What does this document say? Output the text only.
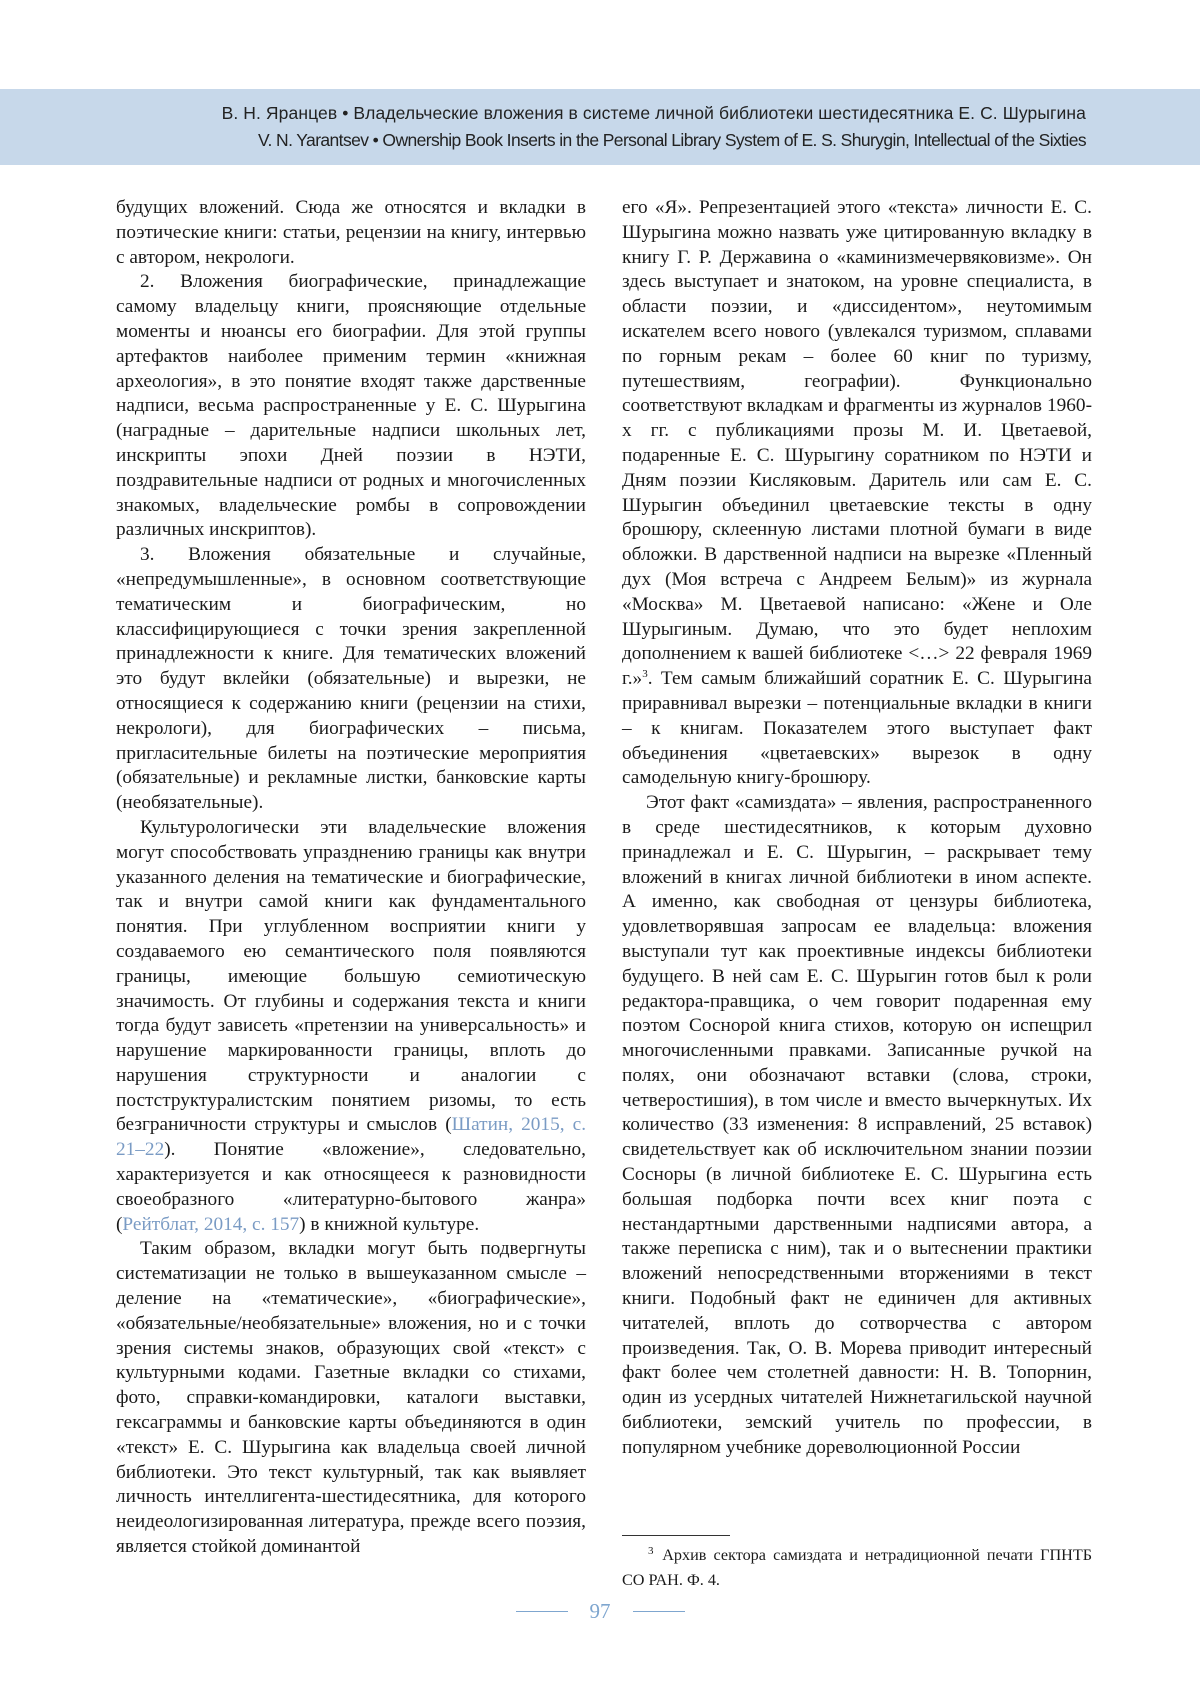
В. Н. Яранцев • Владельческие вложения в системе личной библиотеки шестидесятника Е. С. Шурыгина
V. N. Yarantsev • Ownership Book Inserts in the Personal Library System of E. S. Shurygin, Intellectual of the Sixties

будущих вложений. Сюда же относятся и вкладки в поэтические книги: статьи, рецензии на книгу, интервью с автором, некрологи.

2. Вложения биографические, принадлежащие самому владельцу книги, проясняющие отдельные моменты и нюансы его биографии. Для этой группы артефактов наиболее применим термин «книжная археология», в это понятие входят также дарственные надписи, весьма распространенные у Е. С. Шурыгина (наградные – дарительные надписи школьных лет, инскрипты эпохи Дней поэзии в НЭТИ, поздравительные надписи от родных и многочисленных знакомых, владельческие ромбы в сопровождении различных инскриптов).

3. Вложения обязательные и случайные, «непредумышленные», в основном соответствующие тематическим и биографическим, но классифицирующиеся с точки зрения закрепленной принадлежности к книге. Для тематических вложений это будут вклейки (обязательные) и вырезки, не относящиеся к содержанию книги (рецензии на стихи, некрологи), для биографических – письма, пригласительные билеты на поэтические мероприятия (обязательные) и рекламные листки, банковские карты (необязательные).

Культурологически эти владельческие вложения могут способствовать упразднению границы как внутри указанного деления на тематические и биографические, так и внутри самой книги как фундаментального понятия. При углубленном восприятии книги у создаваемого ею семантического поля появляются границы, имеющие большую семиотическую значимость. От глубины и содержания текста и книги тогда будут зависеть «претензии на универсальность» и нарушение маркированности границы, вплоть до нарушения структурности и аналогии с постструктуралистским понятием ризомы, то есть безграничности структуры и смыслов (Шатин, 2015, с. 21–22). Понятие «вложение», следовательно, характеризуется и как относящееся к разновидности своеобразного «литературно-бытового жанра» (Рейтблат, 2014, с. 157) в книжной культуре.

Таким образом, вкладки могут быть подвергнуты систематизации не только в вышеуказанном смысле – деление на «тематические», «биографические», «обязательные/необязательные» вложения, но и с точки зрения системы знаков, образующих свой «текст» с культурными кодами. Газетные вкладки со стихами, фото, справки-командировки, каталоги выставки, гексаграммы и банковские карты объединяются в один «текст» Е. С. Шурыгина как владельца своей личной библиотеки. Это текст культурный, так как выявляет личность интеллигента-шестидесятника, для которого неидеологизированная литература, прежде всего поэзия, является стойкой доминантой

его «Я». Репрезентацией этого «текста» личности Е. С. Шурыгина можно назвать уже цитированную вкладку в книгу Г. Р. Державина о «каминизмечервяковизме». Он здесь выступает и знатоком, на уровне специалиста, в области поэзии, и «диссидентом», неутомимым искателем всего нового (увлекался туризмом, сплавами по горным рекам – более 60 книг по туризму, путешествиям, географии). Функционально соответствуют вкладкам и фрагменты из журналов 1960-х гг. с публикациями прозы М. И. Цветаевой, подаренные Е. С. Шурыгину соратником по НЭТИ и Дням поэзии Кисляковым. Даритель или сам Е. С. Шурыгин объединил цветаевские тексты в одну брошюру, склеенную листами плотной бумаги в виде обложки. В дарственной надписи на вырезке «Пленный дух (Моя встреча с Андреем Белым)» из журнала «Москва» М. Цветаевой написано: «Жене и Оле Шурыгиным. Думаю, что это будет неплохим дополнением к вашей библиотеке <…> 22 февраля 1969 г.»$^3$. Тем самым ближайший соратник Е. С. Шурыгина приравнивал вырезки – потенциальные вкладки в книги – к книгам. Показателем этого выступает факт объединения «цветаевских» вырезок в одну самодельную книгу-брошюру.

Этот факт «самиздата» – явления, распространенного в среде шестидесятников, к которым духовно принадлежал и Е. С. Шурыгин, – раскрывает тему вложений в книгах личной библиотеки в ином аспекте. А именно, как свободная от цензуры библиотека, удовлетворявшая запросам ее владельца: вложения выступали тут как проективные индексы библиотеки будущего. В ней сам Е. С. Шурыгин готов был к роли редактора-правщика, о чем говорит подаренная ему поэтом Соснорой книга стихов, которую он испещрил многочисленными правками. Записанные ручкой на полях, они обозначают вставки (слова, строки, четверостишия), в том числе и вместо вычеркнутых. Их количество (33 изменения: 8 исправлений, 25 вставок) свидетельствует как об исключительном знании поэзии Сосноры (в личной библиотеке Е. С. Шурыгина есть большая подборка почти всех книг поэта с нестандартными дарственными надписями автора, а также переписка с ним), так и о вытеснении практики вложений непосредственными вторжениями в текст книги. Подобный факт не единичен для активных читателей, вплоть до сотворчества с автором произведения. Так, О. В. Морева приводит интересный факт более чем столетней давности: Н. В. Топорнин, один из усердных читателей Нижнетагильской научной библиотеки, земский учитель по профессии, в популярном учебнике дореволюционной России

3 Архив сектора самиздата и нетрадиционной печати ГПНТБ СО РАН. Ф. 4.
97
